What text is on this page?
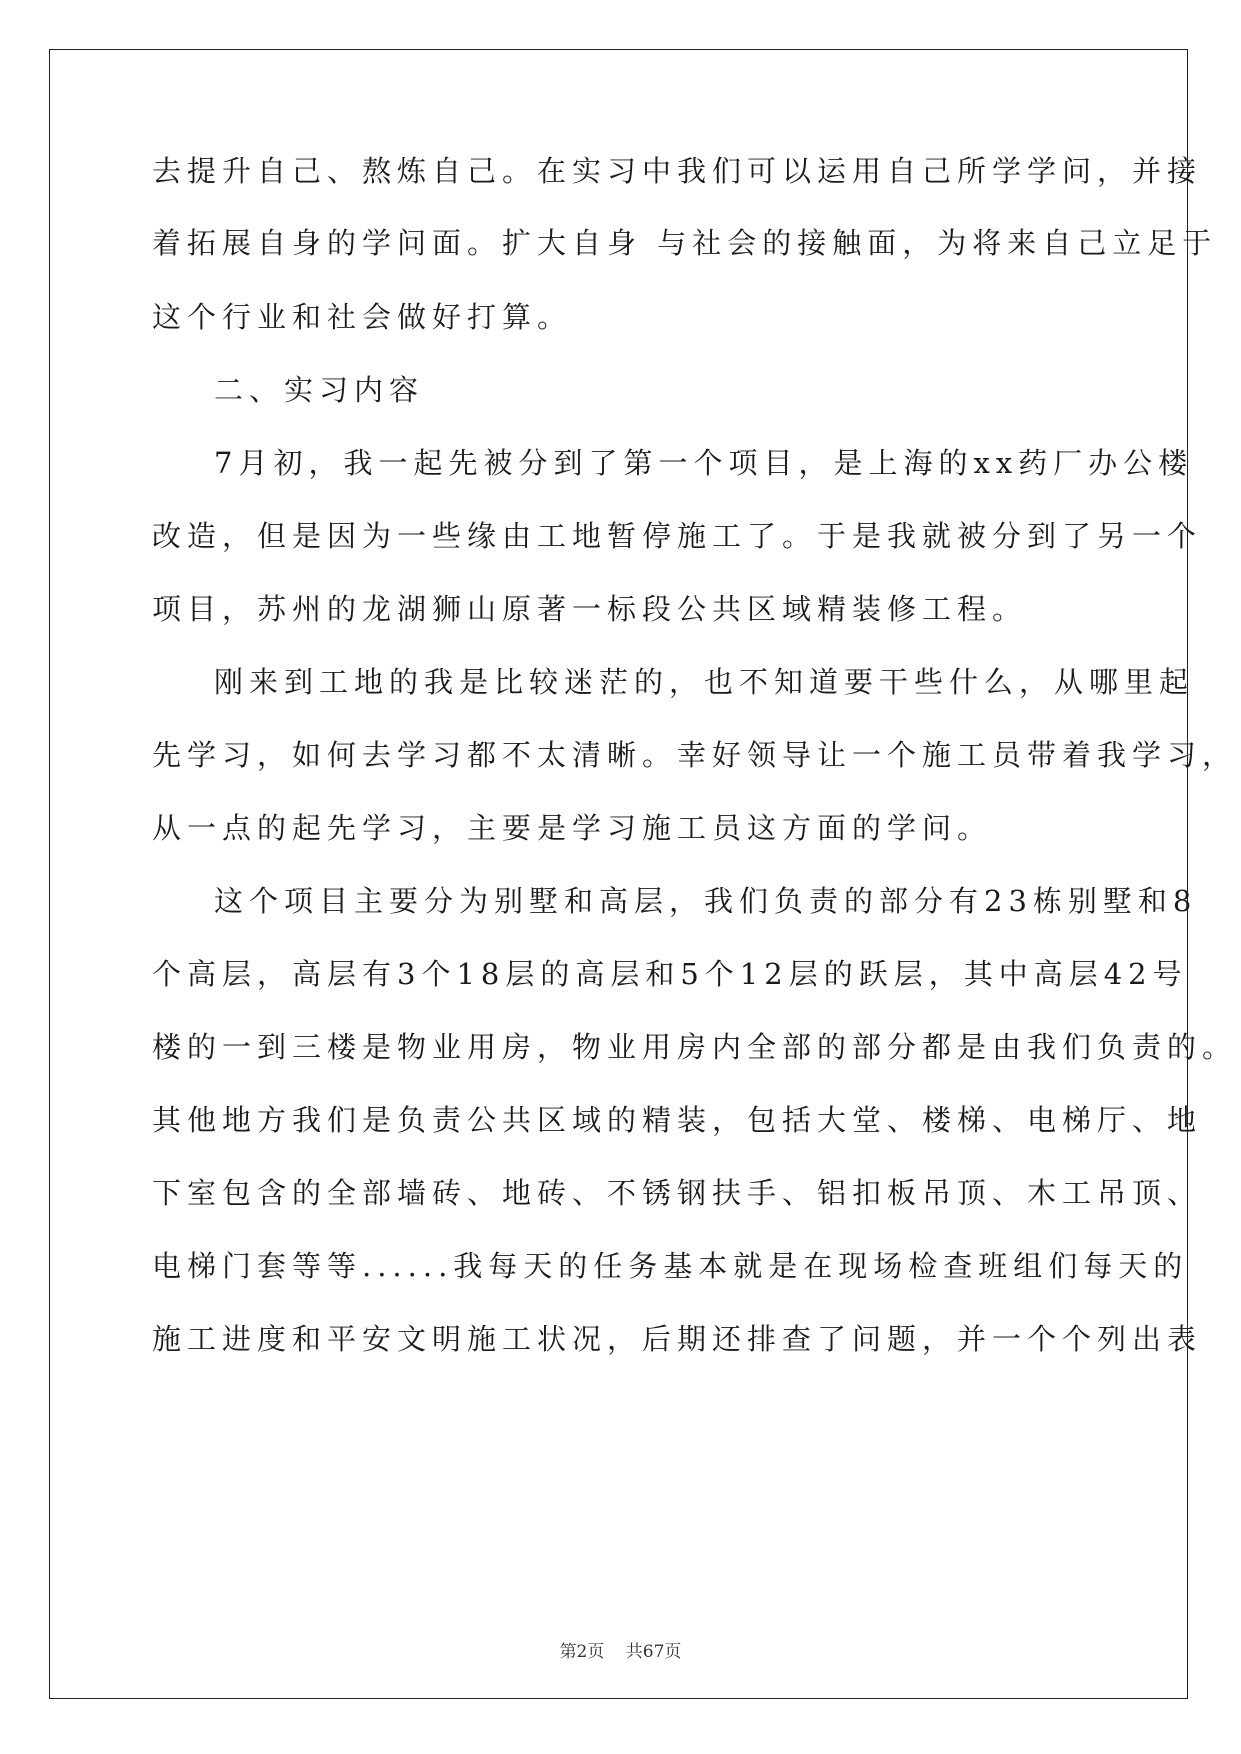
去提升自己、熬炼自己。在实习中我们可以运用自己所学学问，并接
着拓展自身的学问面。扩大自身 与社会的接触面，为将来自己立足于
这个行业和社会做好打算。
二、实习内容
7月初，我一起先被分到了第一个项目，是上海的xx药厂办公楼
改造，但是因为一些缘由工地暂停施工了。于是我就被分到了另一个
项目，苏州的龙湖狮山原著一标段公共区域精装修工程。
刚来到工地的我是比较迷茫的，也不知道要干些什么，从哪里起
先学习，如何去学习都不太清晰。幸好领导让一个施工员带着我学习，
从一点的起先学习，主要是学习施工员这方面的学问。
这个项目主要分为别墅和高层，我们负责的部分有23栋别墅和8
个高层，高层有3个18层的高层和5个12层的跃层，其中高层42号
楼的一到三楼是物业用房，物业用房内全部的部分都是由我们负责的。
其他地方我们是负责公共区域的精装，包括大堂、楼梯、电梯厅、地
下室包含的全部墙砖、地砖、不锈钢扶手、铝扣板吊顶、木工吊顶、
电梯门套等等......我每天的任务基本就是在现场检查班组们每天的
施工进度和平安文明施工状况，后期还排查了问题，并一个个列出表
第2页 共67页
